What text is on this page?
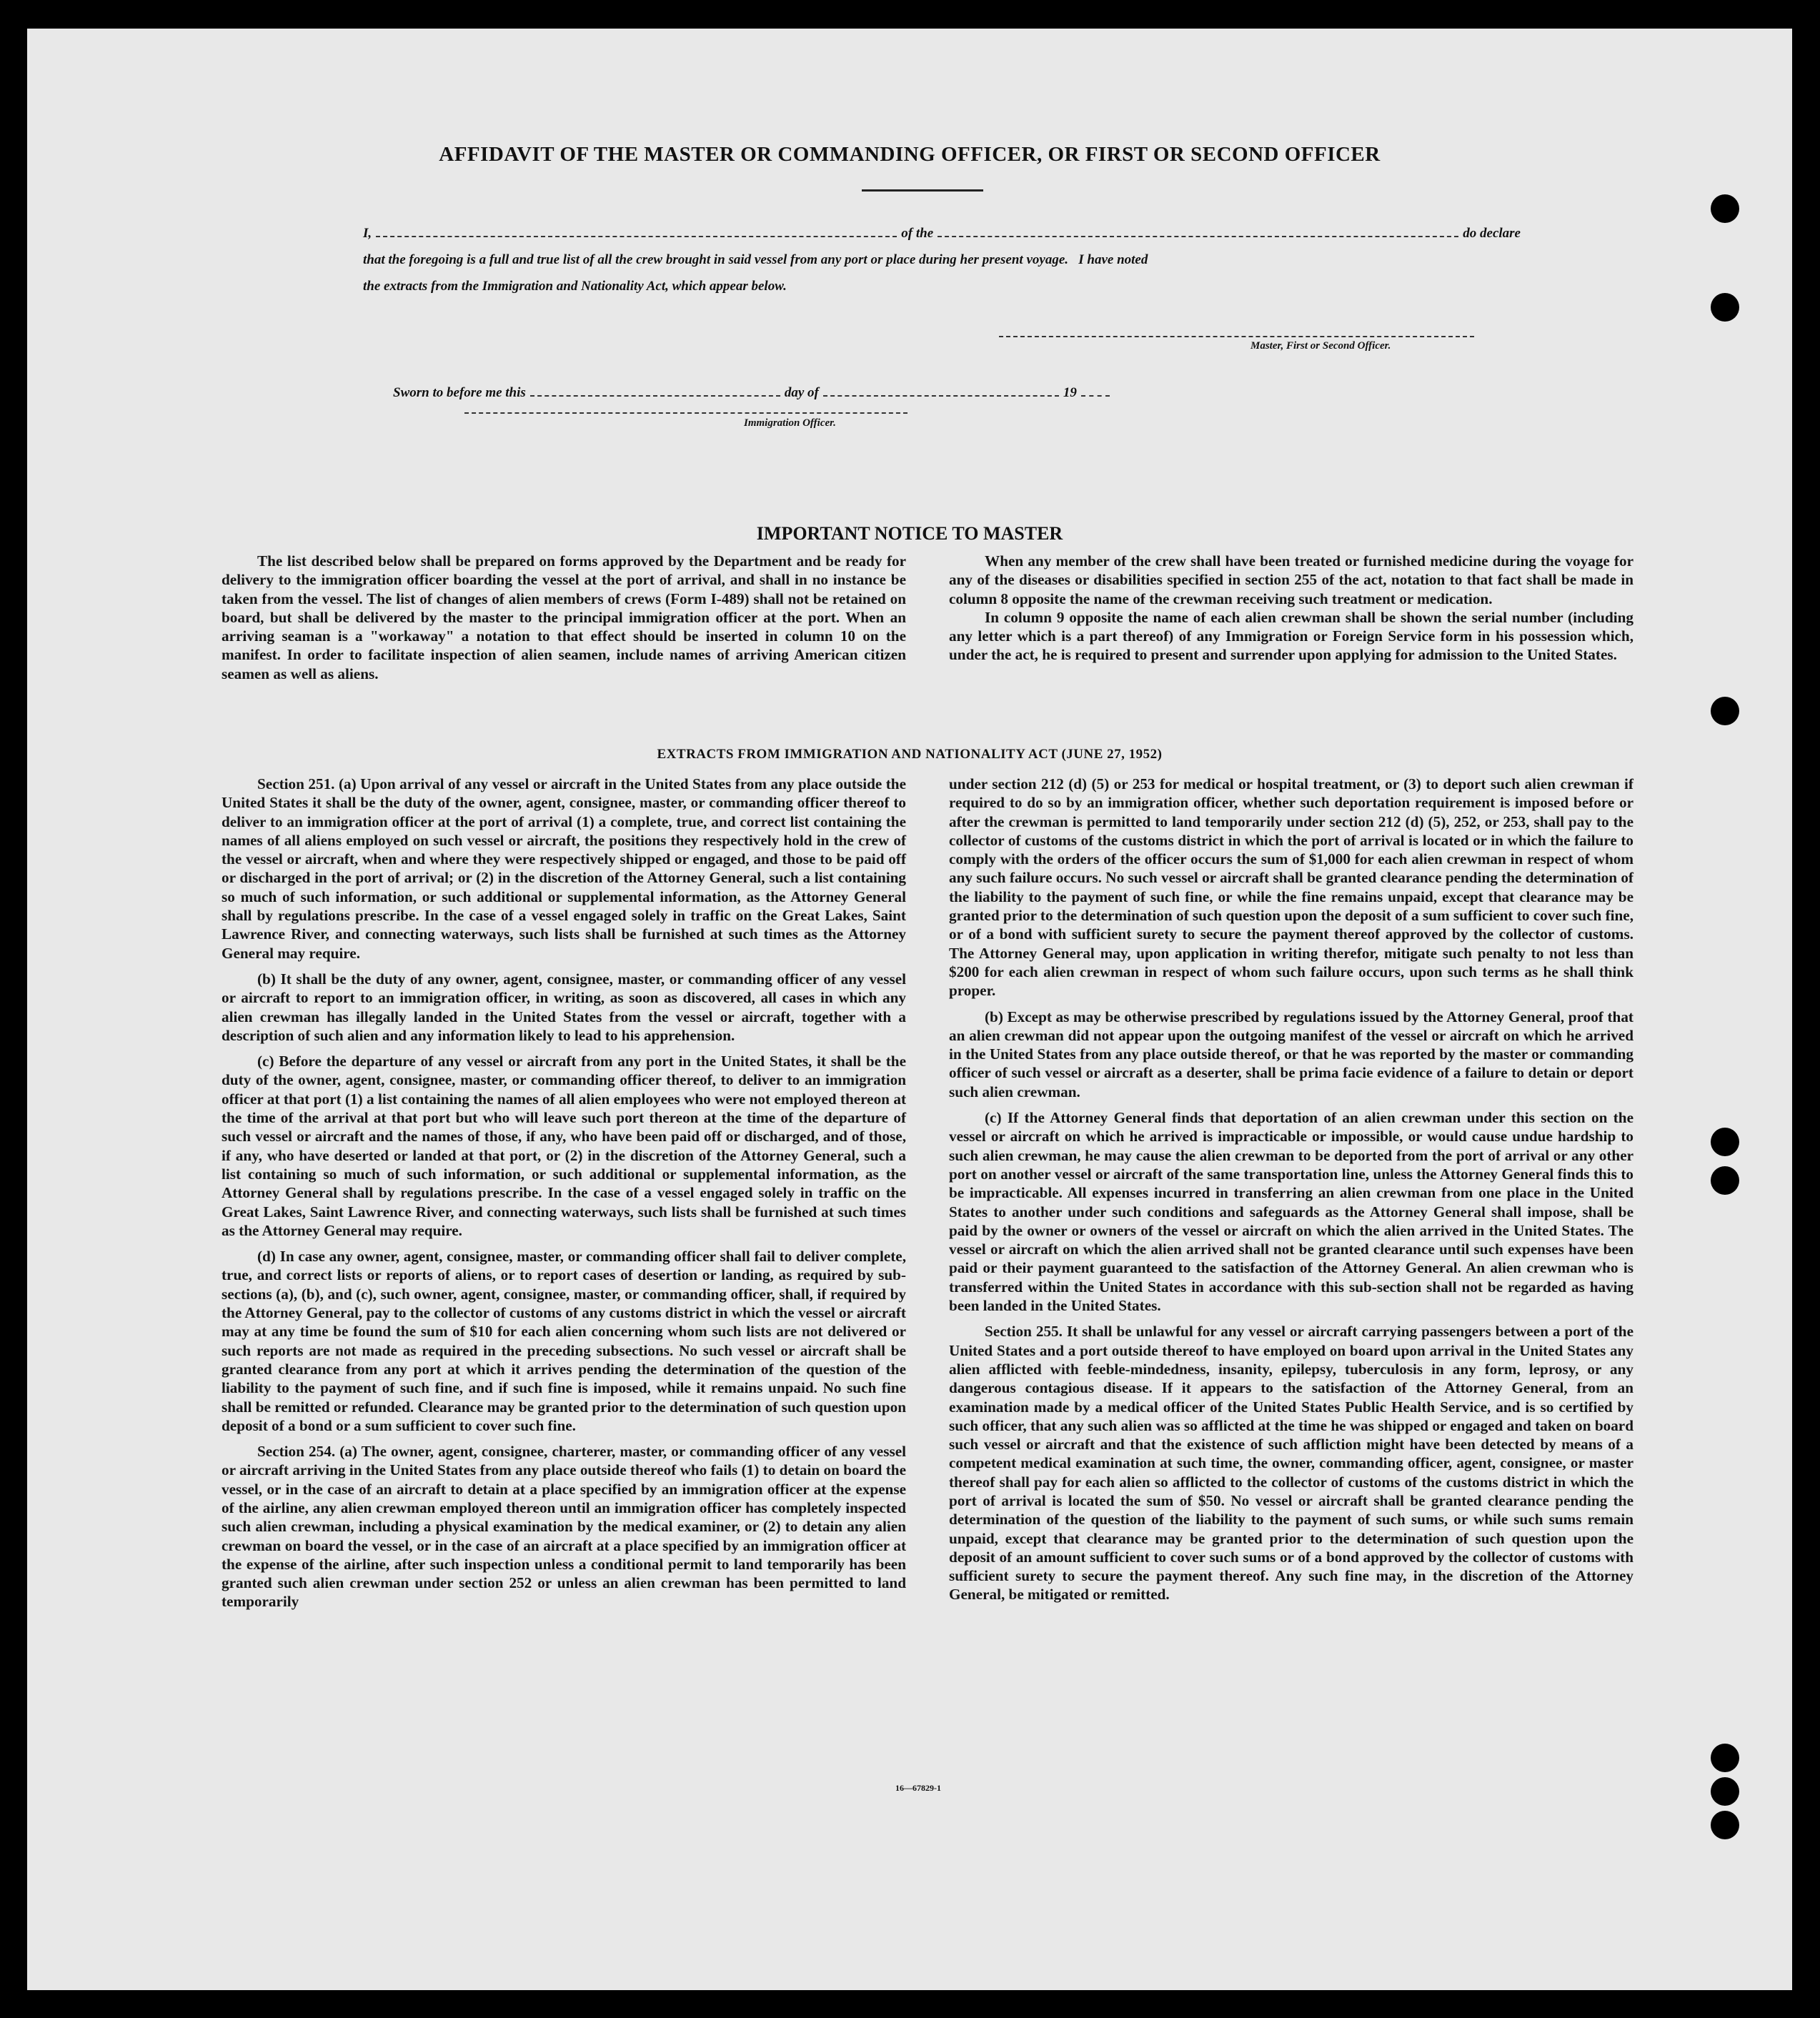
AFFIDAVIT OF THE MASTER OR COMMANDING OFFICER, OR FIRST OR SECOND OFFICER
I,	of the	do declare
that the foregoing is a full and true list of all the crew brought in said vessel from any port or place during her present voyage.   I have noted
the extracts from the Immigration and Nationality Act, which appear below.
Master, First or Second Officer.
Sworn to before me this	day of	19
Immigration Officer.
IMPORTANT NOTICE TO MASTER

The list described below shall be prepared on forms approved by the Department and be ready for delivery to the immigration officer boarding the vessel at the port of arrival, and shall in no instance be taken from the vessel. The list of changes of alien members of crews (Form I-489) shall not be retained on board, but shall be delivered by the master to the principal immigration officer at the port. When an arriving seaman is a "workaway" a notation to that effect should be inserted in column 10 on the manifest. In order to facilitate inspection of alien seamen, include names of arriving American citizen seamen as well as aliens.

When any member of the crew shall have been treated or furnished medicine during the voyage for any of the diseases or disabilities specified in section 255 of the act, notation to that fact shall be made in column 8 opposite the name of the crewman receiving such treatment or medication.

In column 9 opposite the name of each alien crewman shall be shown the serial number (including any letter which is a part thereof) of any Immigration or Foreign Service form in his possession which, under the act, he is required to present and surrender upon applying for admission to the United States.

EXTRACTS FROM IMMIGRATION AND NATIONALITY ACT (JUNE 27, 1952)

Section 251. (a) Upon arrival of any vessel or aircraft in the United States from any place outside the United States it shall be the duty of the owner, agent, consignee, master, or commanding officer thereof to deliver to an immigration officer at the port of arrival (1) a complete, true, and correct list containing the names of all aliens employed on such vessel or aircraft, the positions they respectively hold in the crew of the vessel or aircraft, when and where they were respectively shipped or engaged, and those to be paid off or discharged in the port of arrival; or (2) in the discretion of the Attorney General, such a list containing so much of such information, or such additional or supplemental information, as the Attorney General shall by regulations prescribe. In the case of a vessel engaged solely in traffic on the Great Lakes, Saint Lawrence River, and connecting waterways, such lists shall be furnished at such times as the Attorney General may require.

(b) It shall be the duty of any owner, agent, consignee, master, or commanding officer of any vessel or aircraft to report to an immigration officer, in writing, as soon as discovered, all cases in which any alien crewman has illegally landed in the United States from the vessel or aircraft, together with a description of such alien and any information likely to lead to his apprehension.

(c) Before the departure of any vessel or aircraft from any port in the United States, it shall be the duty of the owner, agent, consignee, master, or commanding officer thereof, to deliver to an immigration officer at that port (1) a list containing the names of all alien employees who were not employed thereon at the time of the arrival at that port but who will leave such port thereon at the time of the departure of such vessel or aircraft and the names of those, if any, who have been paid off or discharged, and of those, if any, who have deserted or landed at that port, or (2) in the discretion of the Attorney General, such a list containing so much of such information, or such additional or supplemental information, as the Attorney General shall by regulations prescribe. In the case of a vessel engaged solely in traffic on the Great Lakes, Saint Lawrence River, and connecting waterways, such lists shall be furnished at such times as the Attorney General may require.

(d) In case any owner, agent, consignee, master, or commanding officer shall fail to deliver complete, true, and correct lists or reports of aliens, or to report cases of desertion or landing, as required by sub-sections (a), (b), and (c), such owner, agent, consignee, master, or commanding officer, shall, if required by the Attorney General, pay to the collector of customs of any customs district in which the vessel or aircraft may at any time be found the sum of $10 for each alien concerning whom such lists are not delivered or such reports are not made as required in the preceding subsections. No such vessel or aircraft shall be granted clearance from any port at which it arrives pending the determination of the question of the liability to the payment of such fine, and if such fine is imposed, while it remains unpaid. No such fine shall be remitted or refunded. Clearance may be granted prior to the determination of such question upon deposit of a bond or a sum sufficient to cover such fine.

Section 254. (a) The owner, agent, consignee, charterer, master, or commanding officer of any vessel or aircraft arriving in the United States from any place outside thereof who fails (1) to detain on board the vessel, or in the case of an aircraft to detain at a place specified by an immigration officer at the expense of the airline, any alien crewman employed thereon until an immigration officer has completely inspected such alien crewman, including a physical examination by the medical examiner, or (2) to detain any alien crewman on board the vessel, or in the case of an aircraft at a place specified by an immigration officer at the expense of the airline, after such inspection unless a conditional permit to land temporarily has been granted such alien crewman under section 252 or unless an alien crewman has been permitted to land temporarily

under section 212 (d) (5) or 253 for medical or hospital treatment, or (3) to deport such alien crewman if required to do so by an immigration officer, whether such deportation requirement is imposed before or after the crewman is permitted to land temporarily under section 212 (d) (5), 252, or 253, shall pay to the collector of customs of the customs district in which the port of arrival is located or in which the failure to comply with the orders of the officer occurs the sum of $1,000 for each alien crewman in respect of whom any such failure occurs. No such vessel or aircraft shall be granted clearance pending the determination of the liability to the payment of such fine, or while the fine remains unpaid, except that clearance may be granted prior to the determination of such question upon the deposit of a sum sufficient to cover such fine, or of a bond with sufficient surety to secure the payment thereof approved by the collector of customs. The Attorney General may, upon application in writing therefor, mitigate such penalty to not less than $200 for each alien crewman in respect of whom such failure occurs, upon such terms as he shall think proper.

(b) Except as may be otherwise prescribed by regulations issued by the Attorney General, proof that an alien crewman did not appear upon the outgoing manifest of the vessel or aircraft on which he arrived in the United States from any place outside thereof, or that he was reported by the master or commanding officer of such vessel or aircraft as a deserter, shall be prima facie evidence of a failure to detain or deport such alien crewman.

(c) If the Attorney General finds that deportation of an alien crewman under this section on the vessel or aircraft on which he arrived is impracticable or impossible, or would cause undue hardship to such alien crewman, he may cause the alien crewman to be deported from the port of arrival or any other port on another vessel or aircraft of the same transportation line, unless the Attorney General finds this to be impracticable. All expenses incurred in transferring an alien crewman from one place in the United States to another under such conditions and safeguards as the Attorney General shall impose, shall be paid by the owner or owners of the vessel or aircraft on which the alien arrived in the United States. The vessel or aircraft on which the alien arrived shall not be granted clearance until such expenses have been paid or their payment guaranteed to the satisfaction of the Attorney General. An alien crewman who is transferred within the United States in accordance with this sub-section shall not be regarded as having been landed in the United States.

Section 255. It shall be unlawful for any vessel or aircraft carrying passengers between a port of the United States and a port outside thereof to have employed on board upon arrival in the United States any alien afflicted with feeble-mindedness, insanity, epilepsy, tuberculosis in any form, leprosy, or any dangerous contagious disease. If it appears to the satisfaction of the Attorney General, from an examination made by a medical officer of the United States Public Health Service, and is so certified by such officer, that any such alien was so afflicted at the time he was shipped or engaged and taken on board such vessel or aircraft and that the existence of such affliction might have been detected by means of a competent medical examination at such time, the owner, commanding officer, agent, consignee, or master thereof shall pay for each alien so afflicted to the collector of customs of the customs district in which the port of arrival is located the sum of $50. No vessel or aircraft shall be granted clearance pending the determination of the question of the liability to the payment of such sums, or while such sums remain unpaid, except that clearance may be granted prior to the determination of such question upon the deposit of an amount sufficient to cover such sums or of a bond approved by the collector of customs with sufficient surety to secure the payment thereof. Any such fine may, in the discretion of the Attorney General, be mitigated or remitted.

16—67829-1
